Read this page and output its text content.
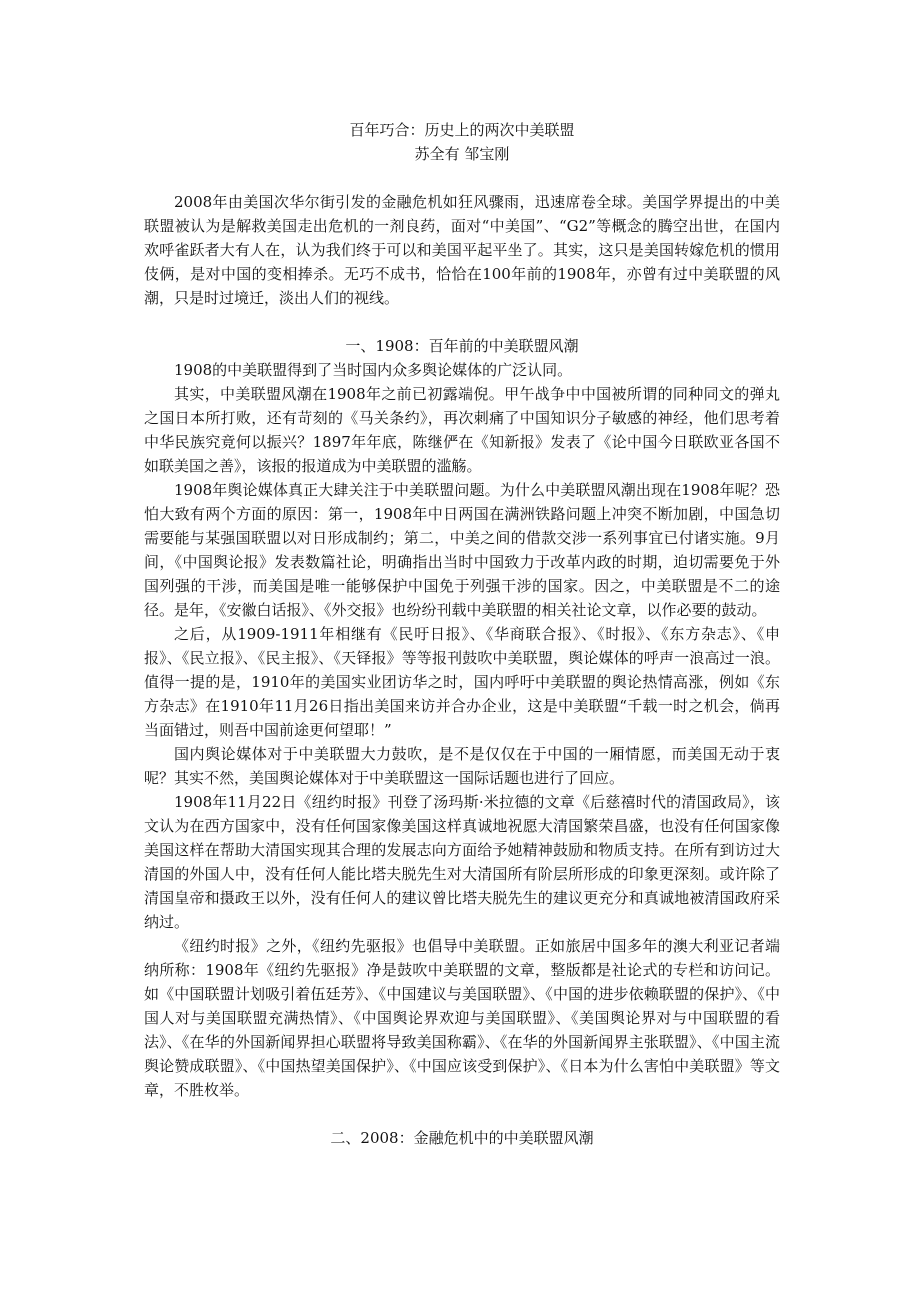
百年巧合：历史上的两次中美联盟

苏全有 邹宝刚

2008年由美国次华尔街引发的金融危机如狂风骤雨，迅速席卷全球。美国学界提出的中美联盟被认为是解救美国走出危机的一剂良药，面对“中美国”、“G2”等概念的腾空出世，在国内欢呼雀跃者大有人在，认为我们终于可以和美国平起平坐了。其实，这只是美国转嫁危机的惯用伎俩，是对中国的变相捧杀。无巧不成书，恰恰在100年前的1908年，亦曾有过中美联盟的风潮，只是时过境迁，淡出人们的视线。

一、1908：百年前的中美联盟风潮

1908的中美联盟得到了当时国内众多舆论媒体的广泛认同。

其实，中美联盟风潮在1908年之前已初露端倪。甲午战争中中国被所谓的同种同文的弹丸之国日本所打败，还有苛刻的《马关条约》，再次刺痛了中国知识分子敏感的神经，他们思考着中华民族究竟何以振兴？1897年年底，陈继俨在《知新报》发表了《论中国今日联欧亚各国不如联美国之善》，该报的报道成为中美联盟的滥觞。

1908年舆论媒体真正大肆关注于中美联盟问题。为什么中美联盟风潮出现在1908年呢？恐怕大致有两个方面的原因：第一，1908年中日两国在满洲铁路问题上冲突不断加剧，中国急切需要能与某强国联盟以对日形成制约；第二，中美之间的借款交涉一系列事宜已付诸实施。9月间，《中国舆论报》发表数篇社论，明确指出当时中国致力于改革内政的时期，迫切需要免于外国列强的干涉，而美国是唯一能够保护中国免于列强干涉的国家。因之，中美联盟是不二的途径。是年，《安徽白话报》、《外交报》也纷纷刊载中美联盟的相关社论文章，以作必要的鼓动。

之后，从1909-1911年相继有《民吁日报》、《华商联合报》、《时报》、《东方杂志》、《申报》、《民立报》、《民主报》、《天铎报》等等报刊鼓吹中美联盟，舆论媒体的呼声一浪高过一浪。值得一提的是，1910年的美国实业团访华之时，国内呼吁中美联盟的舆论热情高涨，例如《东方杂志》在1910年11月26日指出美国来访并合办企业，这是中美联盟“千载一时之机会，倘再当面错过，则吾中国前途更何望耶！”

国内舆论媒体对于中美联盟大力鼓吹，是不是仅仅在于中国的一厢情愿，而美国无动于衷呢？其实不然，美国舆论媒体对于中美联盟这一国际话题也进行了回应。

1908年11月22日《纽约时报》刊登了汤玛斯·米拉德的文章《后慈禧时代的清国政局》，该文认为在西方国家中，没有任何国家像美国这样真诚地祝愿大清国繁荣昌盛，也没有任何国家像美国这样在帮助大清国实现其合理的发展志向方面给予她精神鼓励和物质支持。在所有到访过大清国的外国人中，没有任何人能比塔夫脱先生对大清国所有阶层所形成的印象更深刻。或许除了清国皇帝和摄政王以外，没有任何人的建议曾比塔夫脱先生的建议更充分和真诚地被清国政府采纳过。

《纽约时报》之外，《纽约先驱报》也倡导中美联盟。正如旅居中国多年的澳大利亚记者端纳所称：1908年《纽约先驱报》净是鼓吹中美联盟的文章，整版都是社论式的专栏和访问记。如《中国联盟计划吸引着伍廷芳》、《中国建议与美国联盟》、《中国的进步依赖联盟的保护》、《中国人对与美国联盟充满热情》、《中国舆论界欢迎与美国联盟》、《美国舆论界对与中国联盟的看法》、《在华的外国新闻界担心联盟将导致美国称霸》、《在华的外国新闻界主张联盟》、《中国主流舆论赞成联盟》、《中国热望美国保护》、《中国应该受到保护》、《日本为什么害怕中美联盟》等文章，不胜枚举。

二、2008：金融危机中的中美联盟风潮
